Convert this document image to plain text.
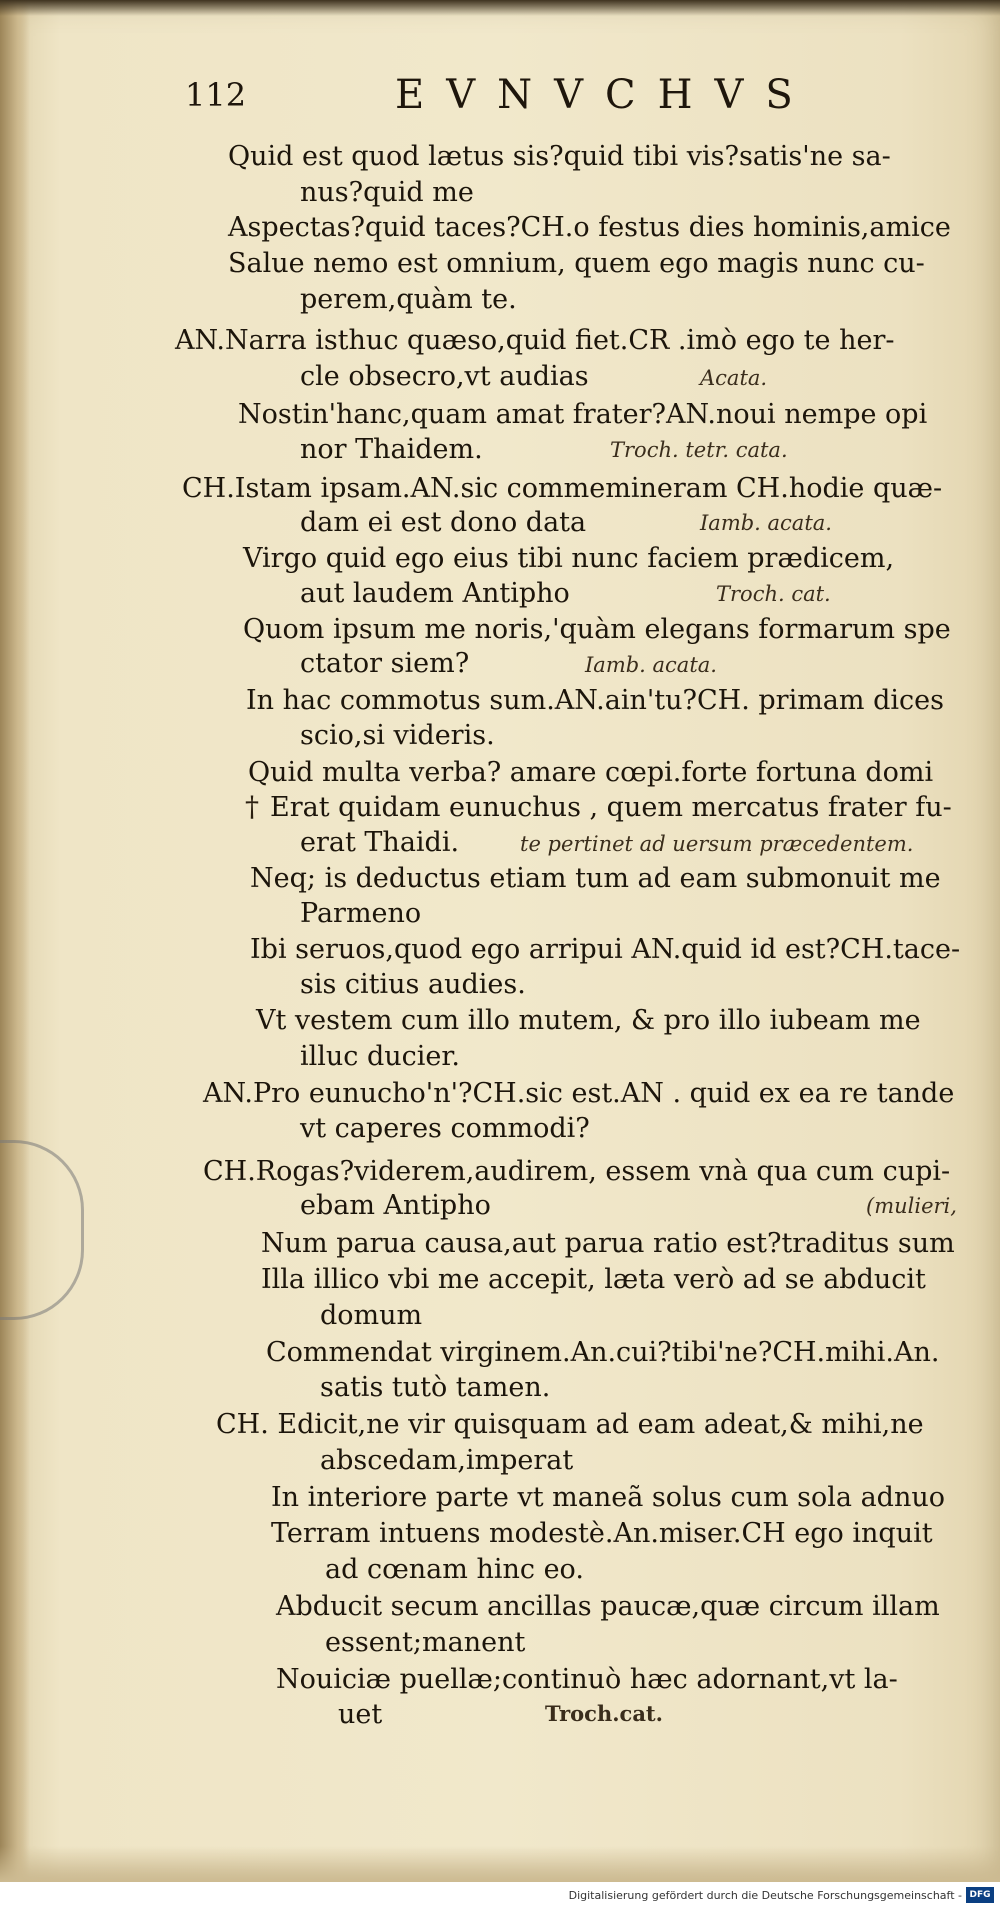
112	EVNVCHVS
Quid est quod lætus sis?quid tibi vis?satis'ne sa-
nus?quid me
Aspectas?quid taces?CH.o festus dies hominis,amice
Salue nemo est omnium, quem ego magis nunc cu-
perem,quàm te.
AN.Narra isthuc quæso,quid fiet.CR .imò ego te her-
cle obsecro,vt audias
Nostin'hanc,quam amat frater?AN.noui nempe opi
nor Thaidem.
CH.Istam ipsam.AN.sic commemineram CH.hodie quæ-
dam ei est dono data
Virgo quid ego eius tibi nunc faciem prædicem,
aut laudem Antipho
Quom ipsum me noris,'quàm elegans formarum spe
ctator siem?
In hac commotus sum.AN.ain'tu?CH. primam dices
scio,si videris.
Quid multa verba? amare cœpi.forte fortuna domi
Erat quidam eunuchus , quem mercatus frater fu-
erat Thaidi.
Neq; is deductus etiam tum ad eam submonuit me
Parmeno
Ibi seruos,quod ego arripui AN.quid id est?CH.tace-
sis citius audies.
Vt vestem cum illo mutem, & pro illo iubeam me
illuc ducier.
AN.Pro eunucho'n'?CH.sic est.AN . quid ex ea re tande
vt caperes commodi?
CH.Rogas?viderem,audirem, essem vnà qua cum cupi-
ebam Antipho
Num parua causa,aut parua ratio est?traditus sum
Illa illico vbi me accepit, læta verò ad se abducit
domum
Commendat virginem.An.cui?tibi'ne?CH.mihi.An.
satis tutò tamen.
CH. Edicit,ne vir quisquam ad eam adeat,& mihi,ne
abscedam,imperat
In interiore parte vt maneã solus cum sola adnuo
Terram intuens modestè.An.miser.CH ego inquit
ad cœnam hinc eo.
Abducit secum ancillas paucæ,quæ circum illam
essent;manent
Nouiciæ puellæ;continuò hæc adornant,vt la-
uet
Acata.
Troch. tetr. cata.
Iamb. acata.
Troch. cat.
Iamb. acata.
te pertinet ad uersum præcedentem.
(mulieri,
Troch.cat.
†
Digitalisierung gefördert durch die Deutsche Forschungsgemeinschaft - DFG
